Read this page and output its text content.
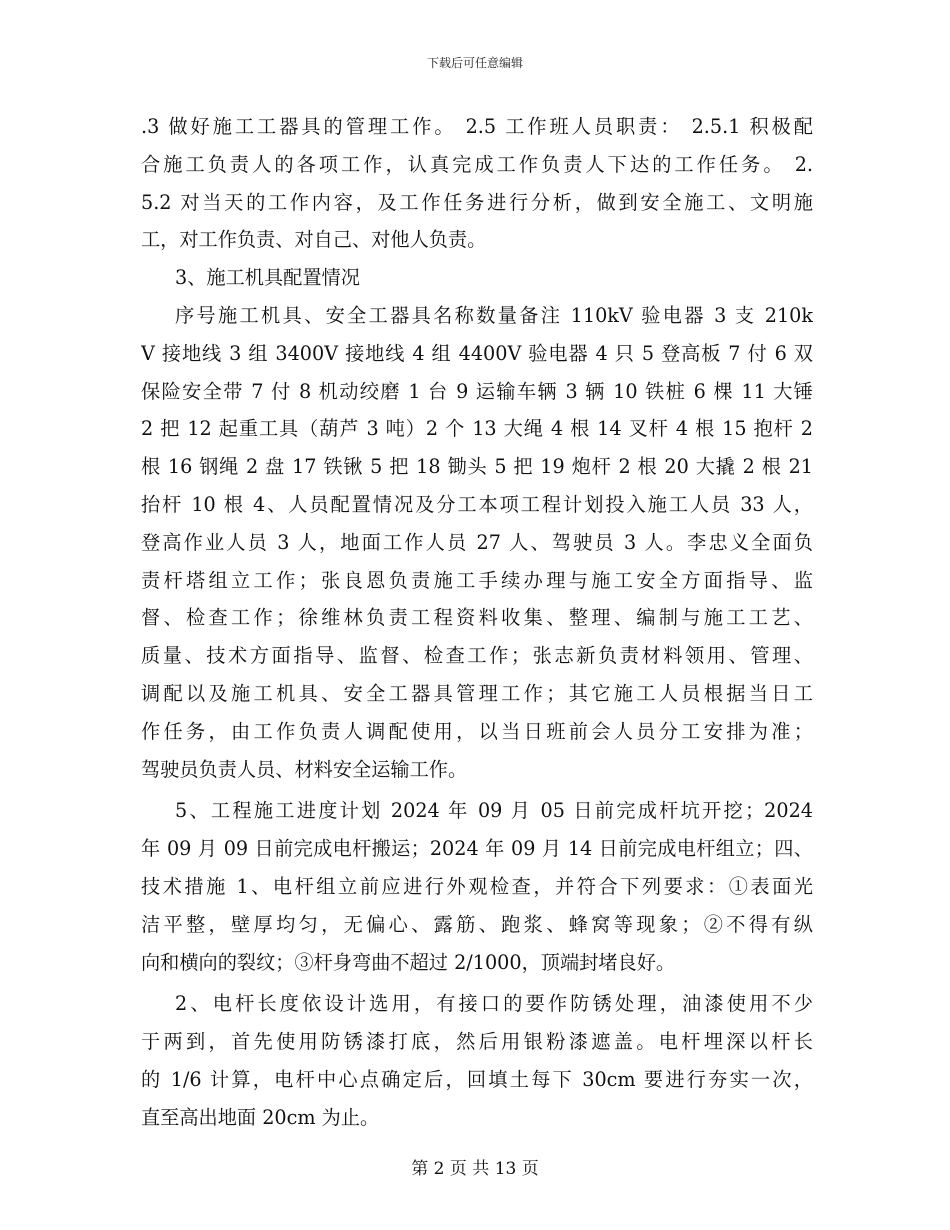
下载后可任意编辑
.3 做好施工工器具的管理工作。 2.5 工作班人员职责： 2.5.1 积极配
合施工负责人的各项工作，认真完成工作负责人下达的工作任务。 2.
5.2 对当天的工作内容，及工作任务进行分析，做到安全施工、文明施
工，对工作负责、对自己、对他人负责。
3、施工机具配置情况
序号施工机具、安全工器具名称数量备注 110kV 验电器 3 支 210k
V 接地线 3 组 3400V 接地线 4 组 4400V 验电器 4 只 5 登高板 7 付 6 双
保险安全带 7 付 8 机动绞磨 1 台 9 运输车辆 3 辆 10 铁桩 6 棵 11 大锤
2 把 12 起重工具（葫芦 3 吨）2 个 13 大绳 4 根 14 叉杆 4 根 15 抱杆 2
根 16 钢绳 2 盘 17 铁锹 5 把 18 锄头 5 把 19 炮杆 2 根 20 大撬 2 根 21
抬杆 10 根 4、人员配置情况及分工本项工程计划投入施工人员 33 人，
登高作业人员 3 人，地面工作人员 27 人、驾驶员 3 人。李忠义全面负
责杆塔组立工作；张良恩负责施工手续办理与施工安全方面指导、监
督、检查工作；徐维林负责工程资料收集、整理、编制与施工工艺、
质量、技术方面指导、监督、检查工作；张志新负责材料领用、管理、
调配以及施工机具、安全工器具管理工作；其它施工人员根据当日工
作任务，由工作负责人调配使用，以当日班前会人员分工安排为准；
驾驶员负责人员、材料安全运输工作。
5、工程施工进度计划 2024 年 09 月 05 日前完成杆坑开挖；2024
年 09 月 09 日前完成电杆搬运；2024 年 09 月 14 日前完成电杆组立；四、
技术措施 1、电杆组立前应进行外观检查，并符合下列要求：①表面光
洁平整，壁厚均匀，无偏心、露筋、跑浆、蜂窝等现象；②不得有纵
向和横向的裂纹；③杆身弯曲不超过 2/1000，顶端封堵良好。
2、电杆长度依设计选用，有接口的要作防锈处理，油漆使用不少
于两到，首先使用防锈漆打底，然后用银粉漆遮盖。电杆埋深以杆长
的 1/6 计算，电杆中心点确定后，回填土每下 30cm 要进行夯实一次，
直至高出地面 20cm 为止。
第 2 页 共 13 页
